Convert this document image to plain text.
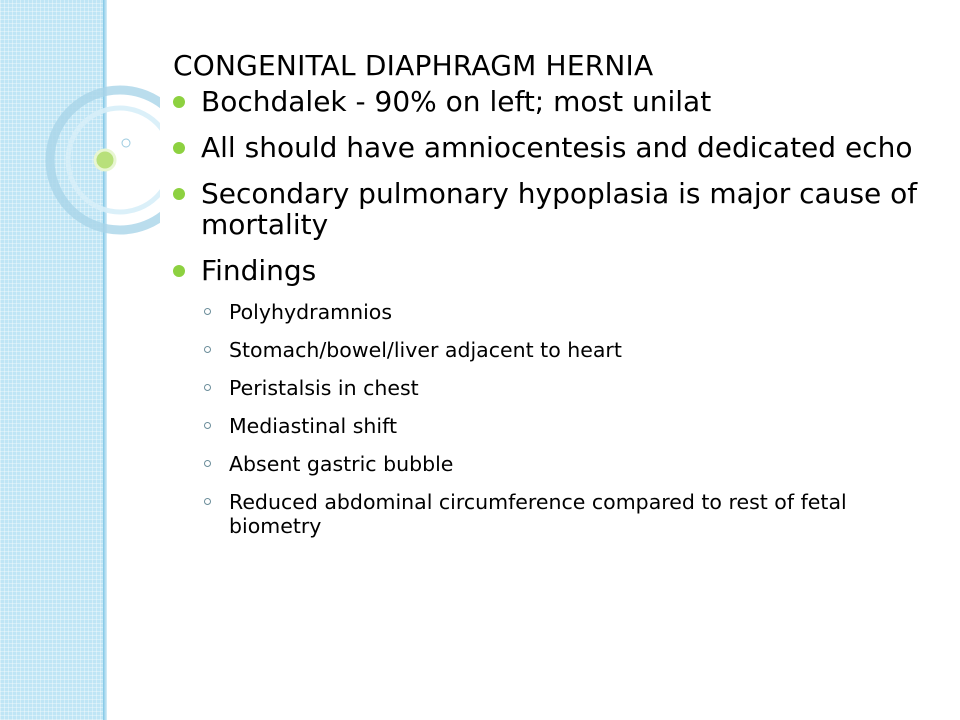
CONGENITAL DIAPHRAGM HERNIA
Bochdalek - 90% on left; most unilat
All should have amniocentesis and dedicated echo
Secondary pulmonary hypoplasia is major cause of mortality
Findings
Polyhydramnios
Stomach/bowel/liver adjacent to heart
Peristalsis in chest
Mediastinal shift
Absent gastric bubble
Reduced abdominal circumference compared to rest of fetal biometry
